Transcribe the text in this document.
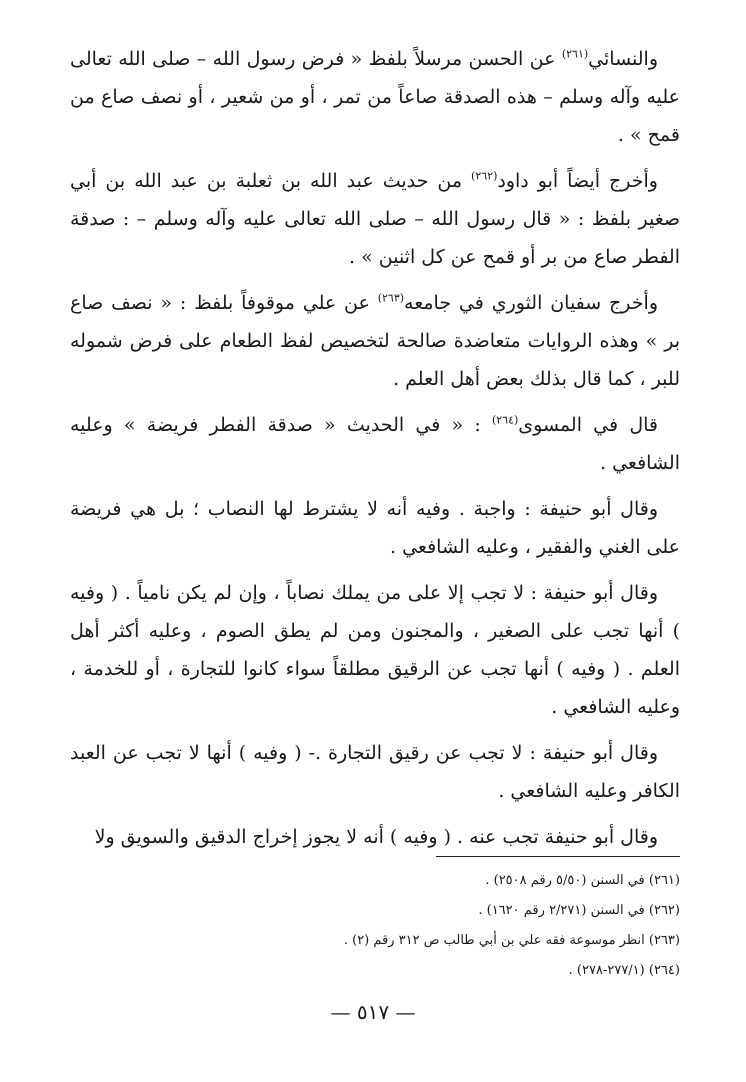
والنسائي$^{(٢٦١)}$ عن الحسن مرسلاً بلفظ « فرض رسول الله – صلى الله تعالى عليه وآله وسلم – هذه الصدقة صاعاً من تمر ، أو من شعير ، أو نصف صاع من قمح » .

وأخرج أيضاً أبو داود$^{(٢٦٢)}$ من حديث عبد الله بن ثعلبة بن عبد الله بن أبي صغير بلفظ : « قال رسول الله – صلى الله تعالى عليه وآله وسلم – : صدقة الفطر صاع من بر أو قمح عن كل اثنين » .

وأخرج سفيان الثوري في جامعه$^{(٢٦٣)}$ عن علي موقوفاً بلفظ : « نصف صاع بر » وهذه الروايات متعاضدة صالحة لتخصيص لفظ الطعام على فرض شموله للبر ، كما قال بذلك بعض أهل العلم .

قال في المسوى$^{(٢٦٤)}$ : « في الحديث « صدقة الفطر فريضة » وعليه الشافعي .

وقال أبو حنيفة : واجبة . وفيه أنه لا يشترط لها النصاب ؛ بل هي فريضة على الغني والفقير ، وعليه الشافعي .

وقال أبو حنيفة : لا تجب إلا على من يملك نصاباً ، وإن لم يكن نامياً . ( وفيه ) أنها تجب على الصغير ، والمجنون ومن لم يطق الصوم ، وعليه أكثر أهل العلم . ( وفيه ) أنها تجب عن الرقيق مطلقاً سواء كانوا للتجارة ، أو للخدمة ، وعليه الشافعي .

وقال أبو حنيفة : لا تجب عن رقيق التجارة .- ( وفيه ) أنها لا تجب عن العبد الكافر وعليه الشافعي .

وقال أبو حنيفة تجب عنه . ( وفيه ) أنه لا يجوز إخراج الدقيق والسويق ولا

(٢٦١) في السنن (٥/٥٠ رقم ٢٥٠٨) .

(٢٦٢) في السنن (٢/٢٧١ رقم ١٦٢٠) .

(٢٦٣) انظر موسوعة فقه علي بن أبي طالب ص ٣١٢ رقم (٢) .

(٢٦٤) (٢٧٧/١-٢٧٨) .

— ٥١٧ —
